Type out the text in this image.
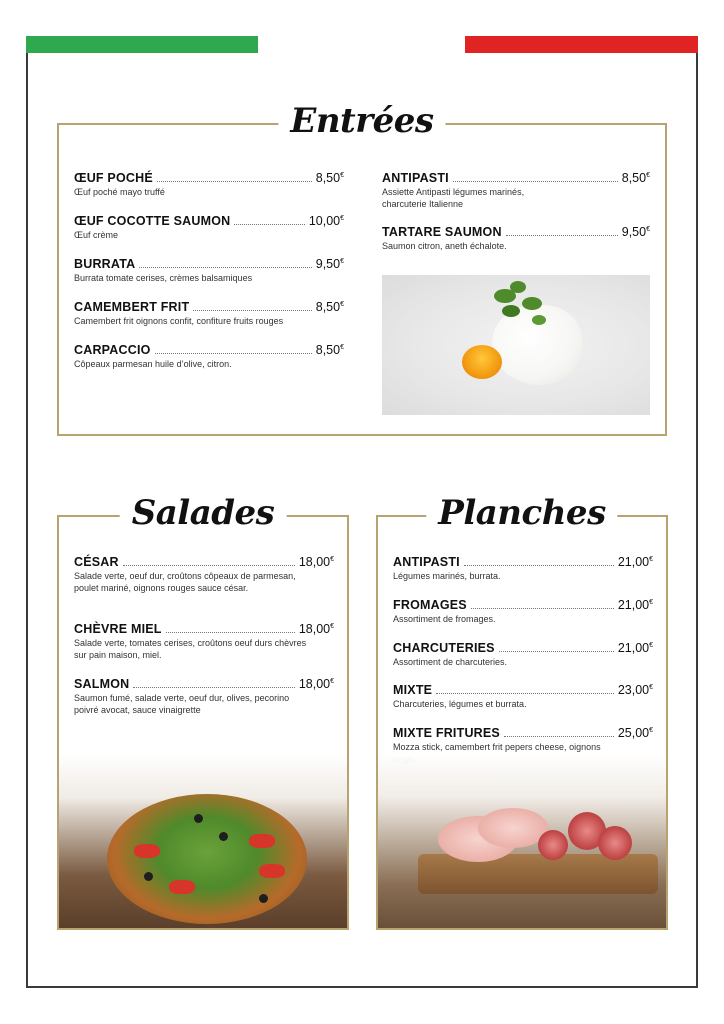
Entrées
ŒUF POCHÉ	8,50€
Œuf poché mayo truffé
ŒUF COCOTTE SAUMON	10,00€
Œuf crème
BURRATA	9,50€
Burrata tomate cerises, crèmes balsamiques
CAMEMBERT FRIT	8,50€
Camembert frit oignons confit, confiture fruits rouges
CARPACCIO	8,50€
Côpeaux parmesan huile d’olive, citron.
ANTIPASTI	8,50€
Assiette Antipasti légumes marinés, charcuterie Italienne
TARTARE SAUMON	9,50€
Saumon citron, aneth échalote.
Salades
CÉSAR	18,00€
Salade verte, oeuf dur, croûtons côpeaux de parmesan, poulet mariné, oignons rouges sauce césar.
CHÈVRE MIEL	18,00€
Salade verte, tomates cerises, croûtons oeuf durs chèvres sur pain maison, miel.
SALMON	18,00€
Saumon fumé, salade verte, oeuf dur, olives, pecorino poivré avocat, sauce vinaigrette
Planches
ANTIPASTI	21,00€
Légumes marinés, burrata.
FROMAGES	21,00€
Assortiment de fromages.
CHARCUTERIES	21,00€
Assortiment de charcuteries.
MIXTE	23,00€
Charcuteries, légumes et burrata.
MIXTE FRITURES	25,00€
Mozza stick, camembert frit pepers cheese, oignons
